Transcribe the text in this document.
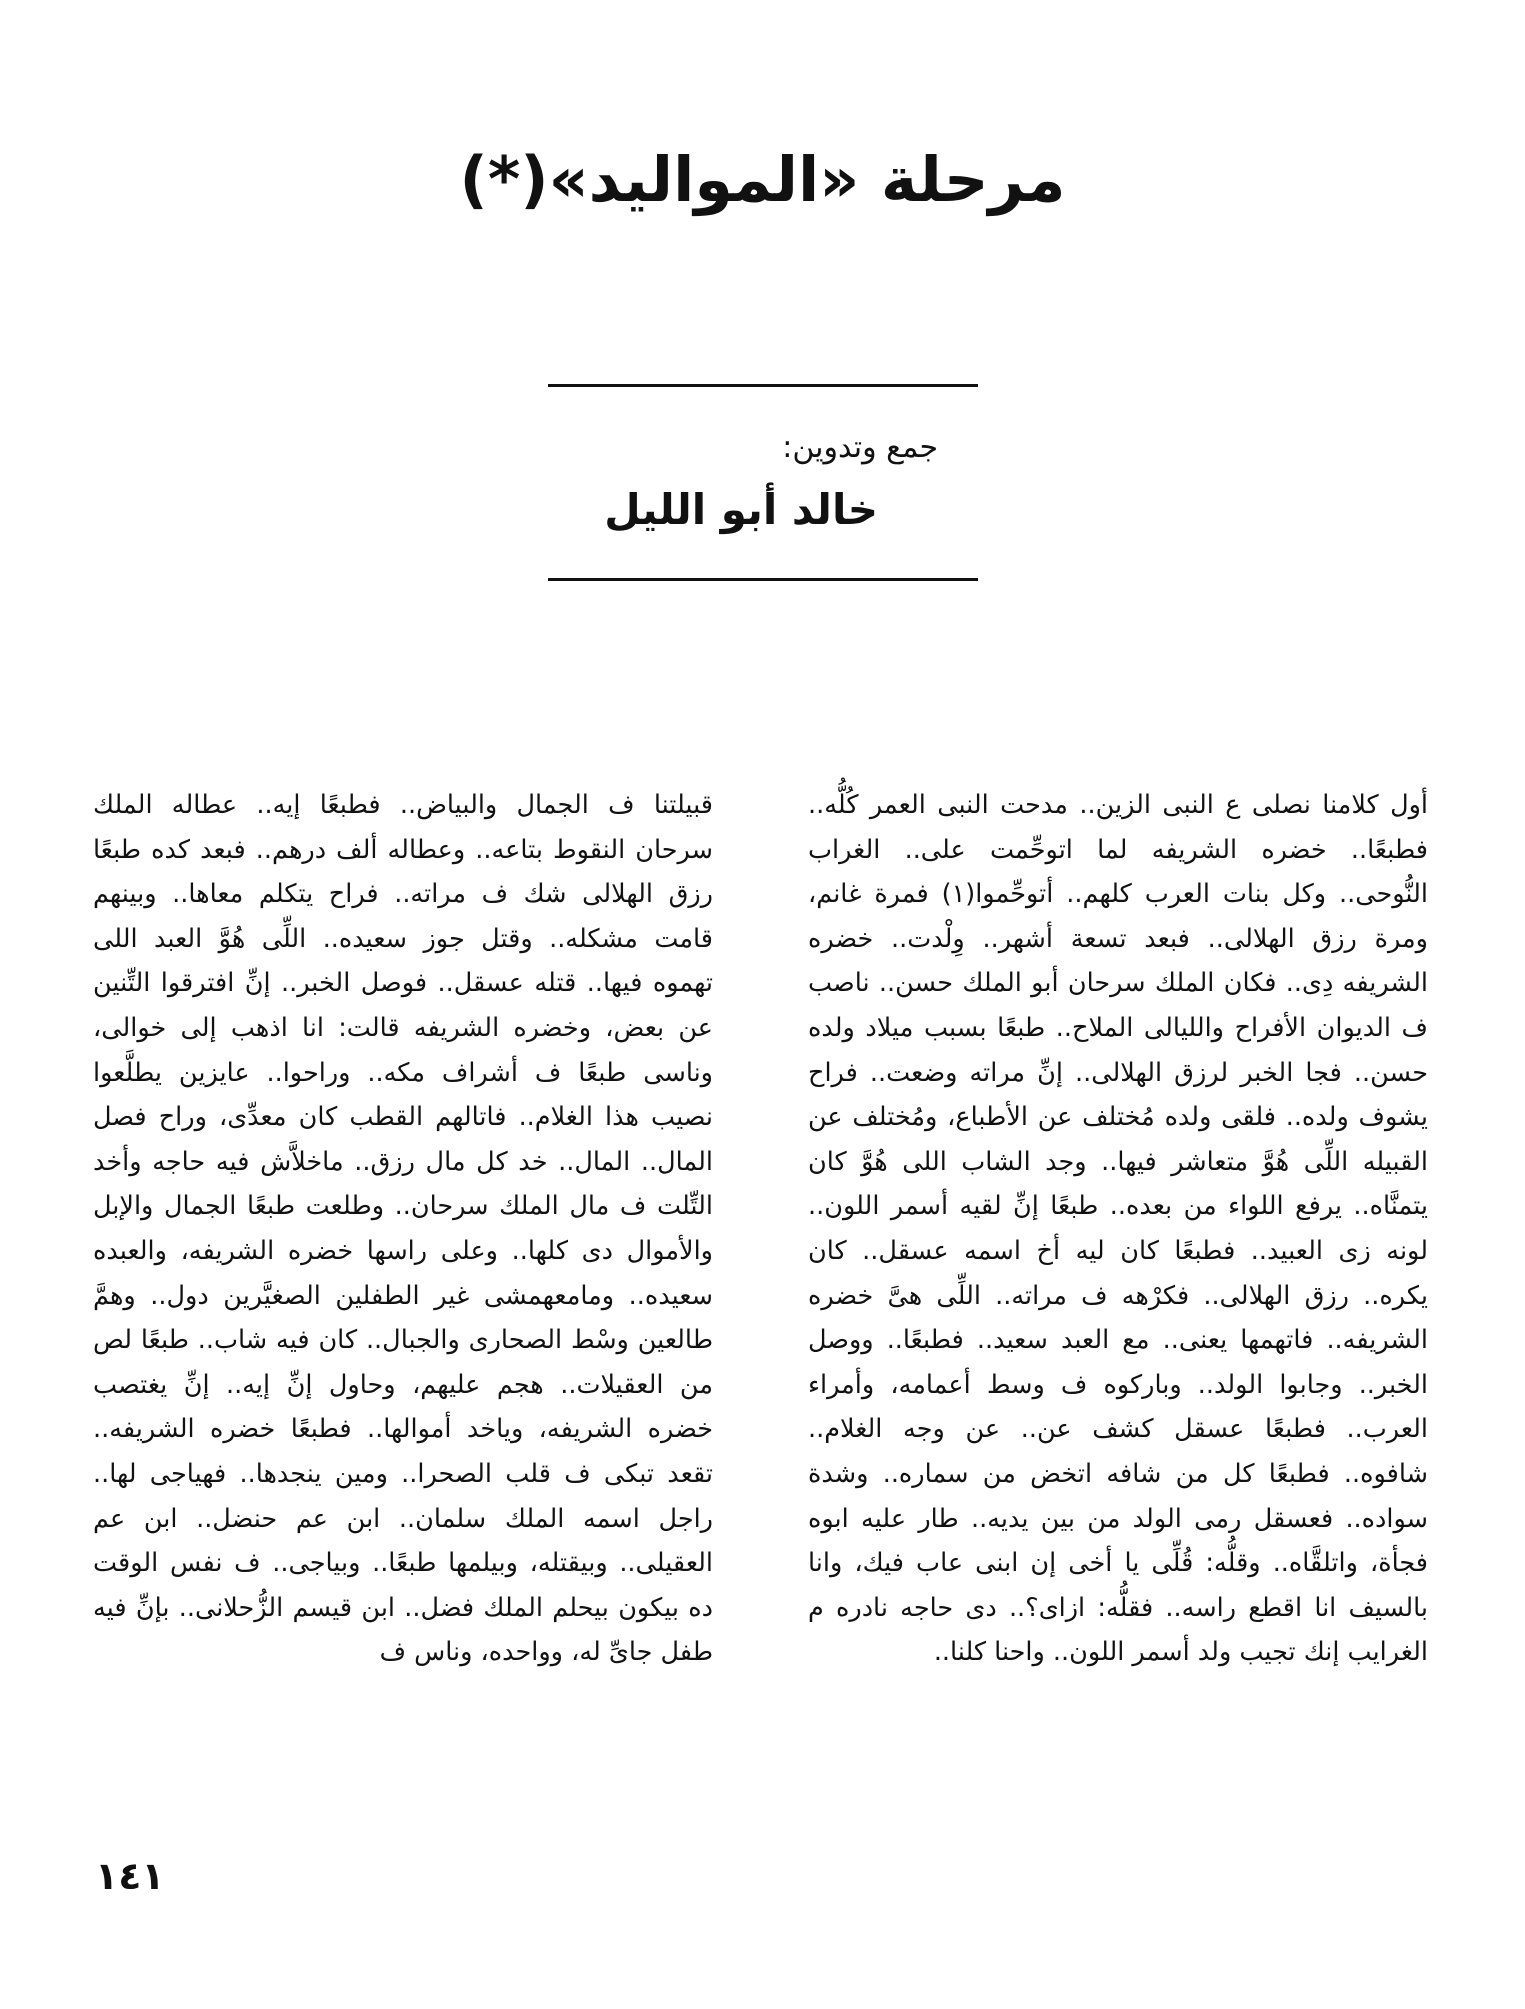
مرحلة «المواليد»(*)
جمع وتدوين:
خالد أبو الليل

أول كلامنا نصلى ع النبى الزين.. مدحت النبى العمر كُلُّه.. فطبعًا.. خضره الشريفه لما اتوحِّمت على.. الغراب النُّوحى.. وكل بنات العرب كلهم.. أتوحِّموا(١) فمرة غانم، ومرة رزق الهلالى.. فبعد تسعة أشهر.. وِلْدت.. خضره الشريفه دِى.. فكان الملك سرحان أبو الملك حسن.. ناصب ف الديوان الأفراح والليالى الملاح.. طبعًا بسبب ميلاد ولده حسن.. فجا الخبر لرزق الهلالى.. إنِّ مراته وضعت.. فراح يشوف ولده.. فلقى ولده مُختلف عن الأطباع، ومُختلف عن القبيله اللِّى هُوَّ متعاشر فيها.. وجد الشاب اللى هُوَّ كان يتمنَّاه.. يرفع اللواء من بعده.. طبعًا إنِّ لقيه أسمر اللون.. لونه زى العبيد.. فطبعًا كان ليه أخ اسمه عسقل.. كان يكره.. رزق الهلالى.. فكرْهه ف مراته.. اللِّى هىَّ خضره الشريفه.. فاتهمها يعنى.. مع العبد سعيد.. فطبعًا.. ووصل الخبر.. وجابوا الولد.. وباركوه ف وسط أعمامه، وأمراء العرب.. فطبعًا عسقل كشف عن.. عن وجه الغلام.. شافوه.. فطبعًا كل من شافه اتخض من سماره.. وشدة سواده.. فعسقل رمى الولد من بين يديه.. طار عليه ابوه فجأة، واتلقَّاه.. وقلُّه: قُلِّى يا أخى إن ابنى عاب فيك، وانا بالسيف انا اقطع راسه.. فقلُّه: ازاى؟.. دى حاجه نادره م الغرايب إنك تجيب ولد أسمر اللون.. واحنا كلنا..

قبيلتنا ف الجمال والبياض.. فطبعًا إيه.. عطاله الملك سرحان النقوط بتاعه.. وعطاله ألف درهم.. فبعد كده طبعًا رزق الهلالى شك ف مراته.. فراح يتكلم معاها.. وبينهم قامت مشكله.. وقتل جوز سعيده.. اللِّى هُوَّ العبد اللى تهموه فيها.. قتله عسقل.. فوصل الخبر.. إنِّ افترقوا التِّنين عن بعض، وخضره الشريفه قالت: انا اذهب إلى خوالى، وناسى طبعًا ف أشراف مكه.. وراحوا.. عايزين يطلَّعوا نصيب هذا الغلام.. فاتالهم القطب كان معدِّى، وراح فصل المال.. المال.. خد كل مال رزق.. ماخلاَّش فيه حاجه وأخد التِّلت ف مال الملك سرحان.. وطلعت طبعًا الجمال والإبل والأموال دى كلها.. وعلى راسها خضره الشريفه، والعبده سعيده.. ومامعهمشى غير الطفلين الصغيَّرين دول.. وهمَّ طالعين وسْط الصحارى والجبال.. كان فيه شاب.. طبعًا لص من العقيلات.. هجم عليهم، وحاول إنِّ إيه.. إنِّ يغتصب خضره الشريفه، وياخد أموالها.. فطبعًا خضره الشريفه.. تقعد تبكى ف قلب الصحرا.. ومين ينجدها.. فهياجى لها.. راجل اسمه الملك سلمان.. ابن عم حنضل.. ابن عم العقيلى.. وبيقتله، وبيلمها طبعًا.. وبياجى.. ف نفس الوقت ده بيكون بيحلم الملك فضل.. ابن قيسم الزُّحلانى.. بإنِّ فيه طفل جاىِّ له، وواحده، وناس ف

١٤١
